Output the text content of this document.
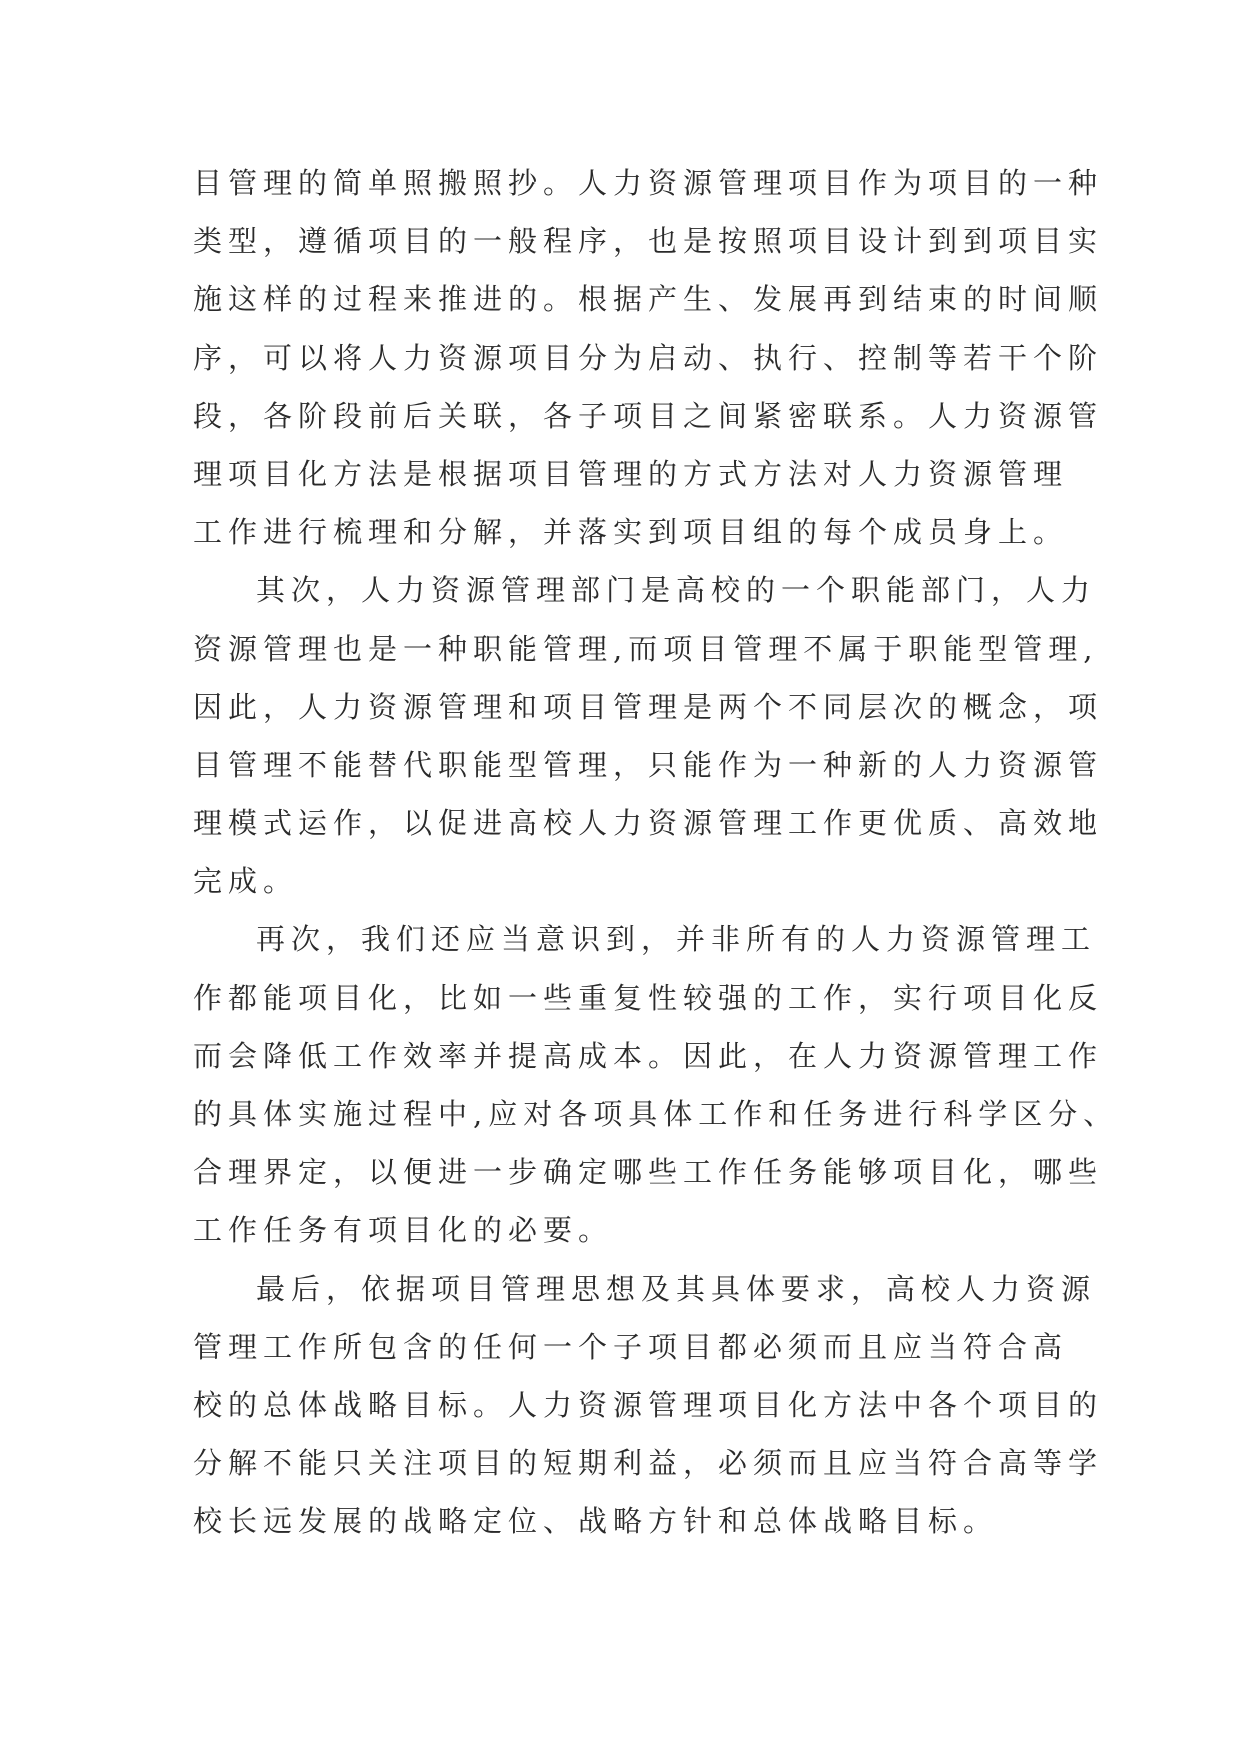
目管理的简单照搬照抄。人力资源管理项目作为项目的一种
类型，遵循项目的一般程序，也是按照项目设计到到项目实
施这样的过程来推进的。根据产生、发展再到结束的时间顺
序，可以将人力资源项目分为启动、执行、控制等若干个阶
段，各阶段前后关联，各子项目之间紧密联系。人力资源管
理项目化方法是根据项目管理的方式方法对人力资源管理
工作进行梳理和分解，并落实到项目组的每个成员身上。
其次，人力资源管理部门是高校的一个职能部门，人力
资源管理也是一种职能管理,而项目管理不属于职能型管理,
因此，人力资源管理和项目管理是两个不同层次的概念，项
目管理不能替代职能型管理，只能作为一种新的人力资源管
理模式运作，以促进高校人力资源管理工作更优质、高效地
完成。
再次，我们还应当意识到，并非所有的人力资源管理工
作都能项目化，比如一些重复性较强的工作，实行项目化反
而会降低工作效率并提高成本。因此，在人力资源管理工作
的具体实施过程中,应对各项具体工作和任务进行科学区分、
合理界定，以便进一步确定哪些工作任务能够项目化，哪些
工作任务有项目化的必要。
最后，依据项目管理思想及其具体要求，高校人力资源
管理工作所包含的任何一个子项目都必须而且应当符合高
校的总体战略目标。人力资源管理项目化方法中各个项目的
分解不能只关注项目的短期利益，必须而且应当符合高等学
校长远发展的战略定位、战略方针和总体战略目标。
